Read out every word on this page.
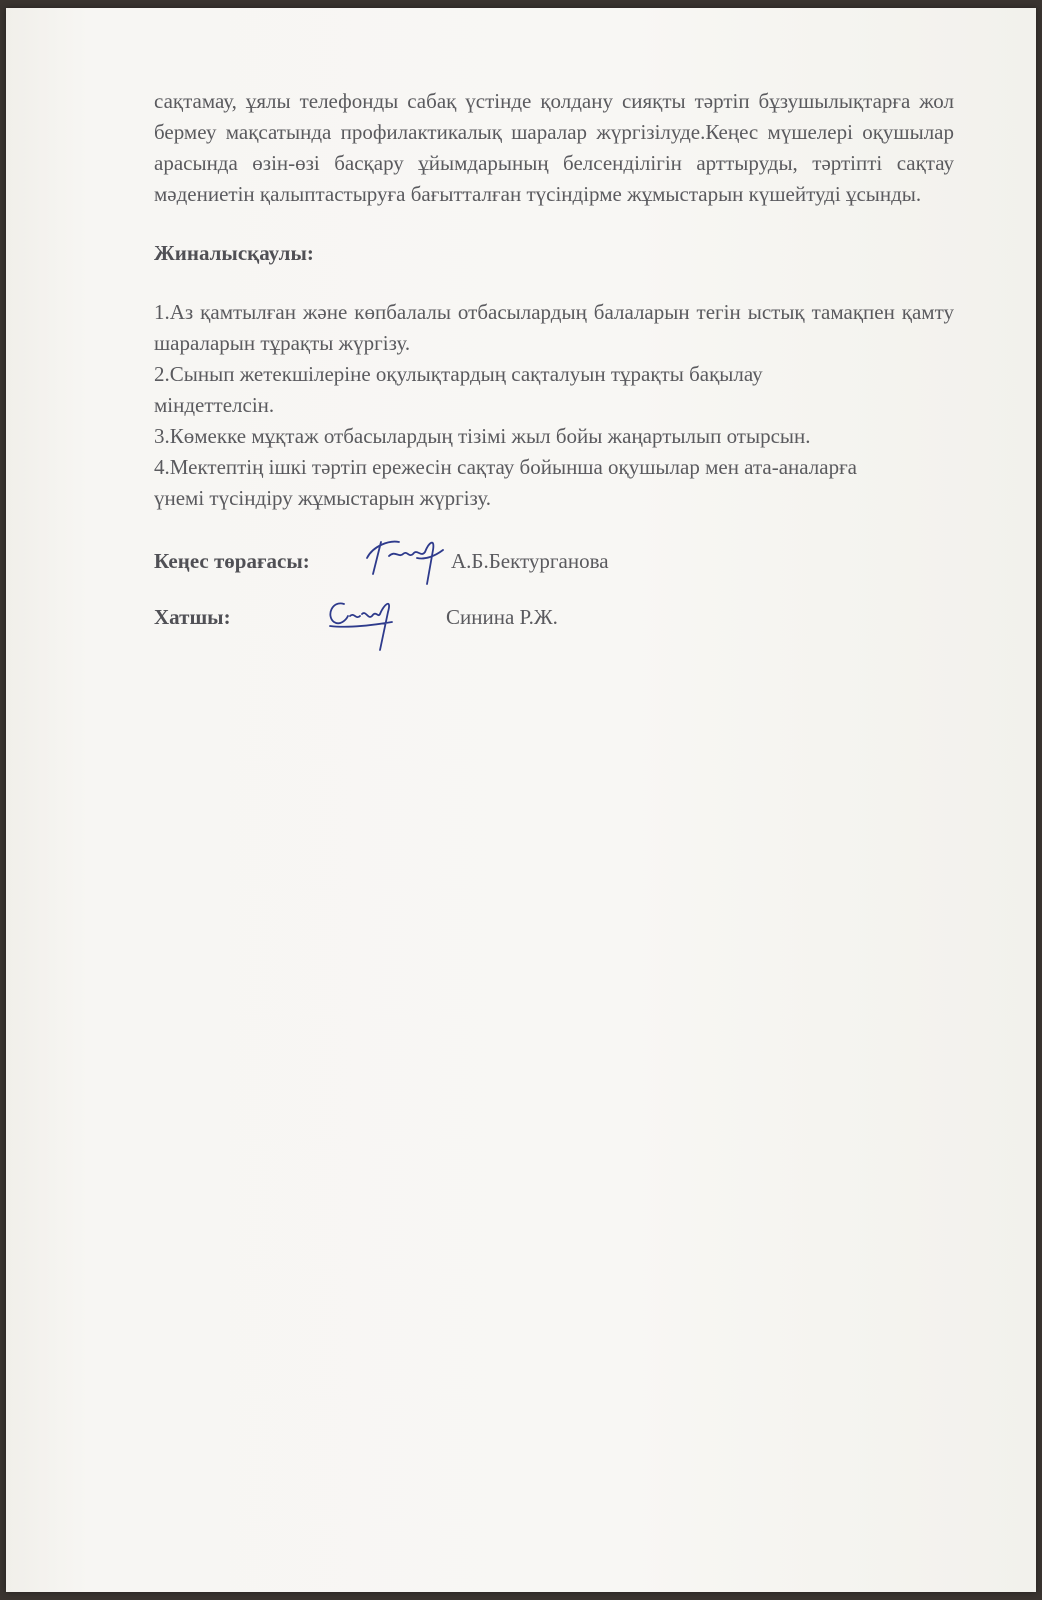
сақтамау, ұялы телефонды сабақ үстінде қолдану сияқты тәртіп бұзушылықтарға жол бермеу мақсатында профилактикалық шаралар жүргізілуде.Кеңес мүшелері оқушылар арасында өзін-өзі басқару ұйымдарының белсенділігін арттыруды, тәртіпті сақтау мәдениетін қалыптастыруға бағытталған түсіндірме жұмыстарын күшейтуді ұсынды.

Жиналысқаулы:
1.Аз қамтылған және көпбалалы отбасылардың балаларын тегін ыстық тамақпен қамту шараларын тұрақты жүргізу.
2.Сынып жетекшілеріне оқулықтардың сақталуын тұрақты бақылау міндеттелсін.
3.Көмекке мұқтаж отбасылардың тізімі жыл бойы жаңартылып отырсын.
4.Мектептің ішкі тәртіп ережесін сақтау бойынша оқушылар мен ата-аналарға үнемі түсіндіру жұмыстарын жүргізу.
Кеңес төрағасы:	А.Б.Бектурганова
Хатшы:	Синина Р.Ж.
